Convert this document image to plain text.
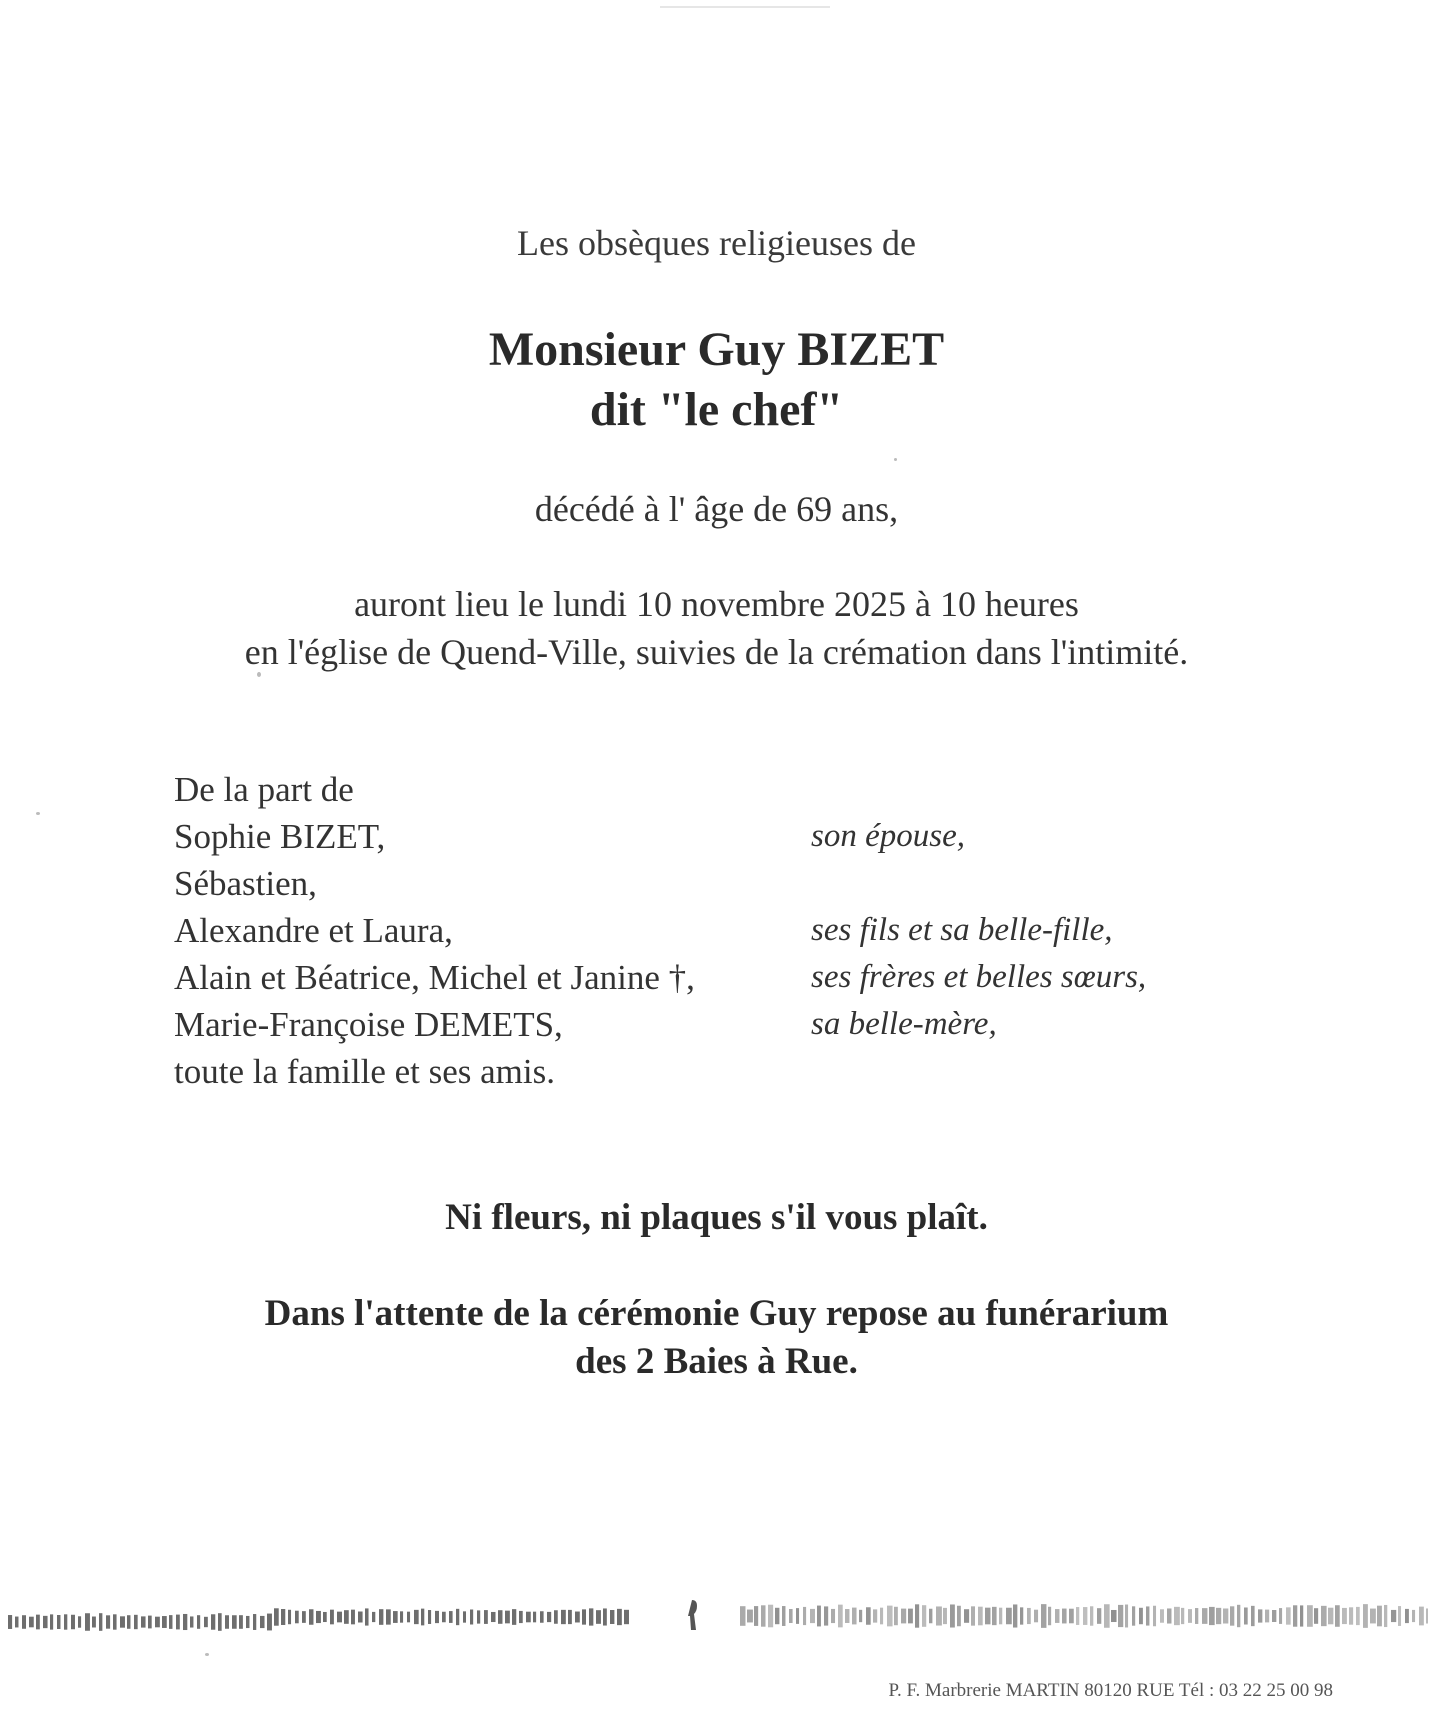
Les obsèques religieuses de
Monsieur Guy BIZET
dit "le chef"
décédé à l' âge de 69 ans,
auront lieu le lundi 10 novembre 2025 à 10 heures
en l'église de Quend-Ville, suivies de la crémation dans l'intimité.
De la part de
Sophie BIZET,	son épouse,
Sébastien,
Alexandre et Laura,	ses fils et sa belle-fille,
Alain et Béatrice, Michel et Janine †,	ses frères et belles sœurs,
Marie-Françoise DEMETS,	sa belle-mère,
toute la famille et ses amis.
Ni fleurs, ni plaques s'il vous plaît.
Dans l'attente de la cérémonie Guy repose au funérarium
des 2 Baies à Rue.
P. F. Marbrerie MARTIN 80120 RUE Tél : 03 22 25 00 98
